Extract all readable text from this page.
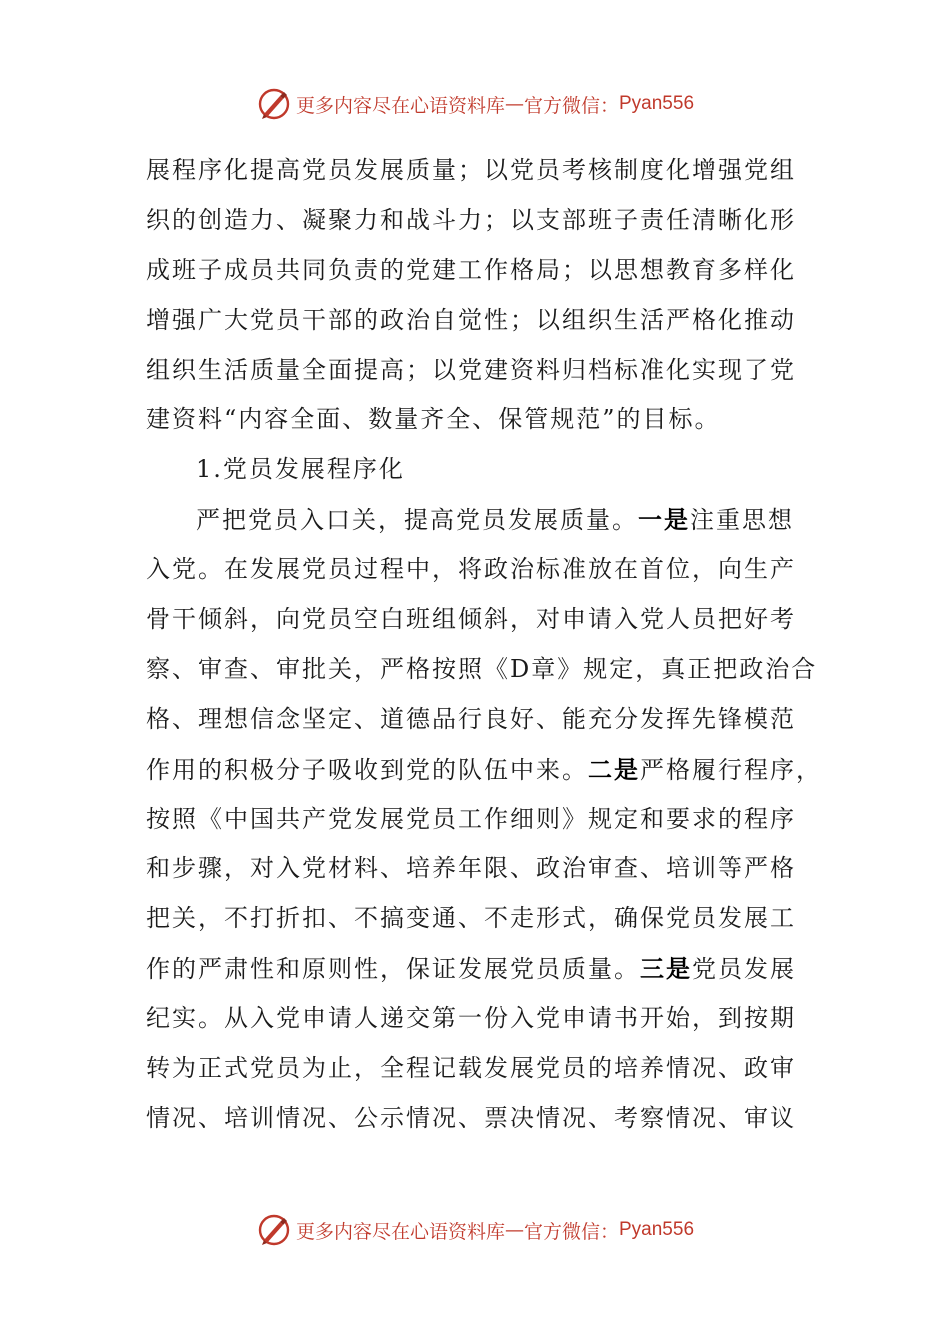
更多内容尽在心语资料库 — 官方微信： Pyan556
展程序化提高党员发展质量；以党员考核制度化增强党组
织的创造力、凝聚力和战斗力；以支部班子责任清晰化形
成班子成员共同负责的党建工作格局；以思想教育多样化
增强广大党员干部的政治自觉性；以组织生活严格化推动
组织生活质量全面提高；以党建资料归档标准化实现了党
建资料“内容全面、数量齐全、保管规范”的目标。
1.党员发展程序化
严把党员入口关，提高党员发展质量。一是注重思想
入党。在发展党员过程中，将政治标准放在首位，向生产
骨干倾斜，向党员空白班组倾斜，对申请入党人员把好考
察、审查、审批关，严格按照《D章》规定，真正把政治合
格、理想信念坚定、道德品行良好、能充分发挥先锋模范
作用的积极分子吸收到党的队伍中来。二是严格履行程序，
按照《中国共产党发展党员工作细则》规定和要求的程序
和步骤，对入党材料、培养年限、政治审查、培训等严格
把关，不打折扣、不搞变通、不走形式，确保党员发展工
作的严肃性和原则性，保证发展党员质量。三是党员发展
纪实。从入党申请人递交第一份入党申请书开始，到按期
转为正式党员为止，全程记载发展党员的培养情况、政审
情况、培训情况、公示情况、票决情况、考察情况、审议
更多内容尽在心语资料库 — 官方微信： Pyan556
